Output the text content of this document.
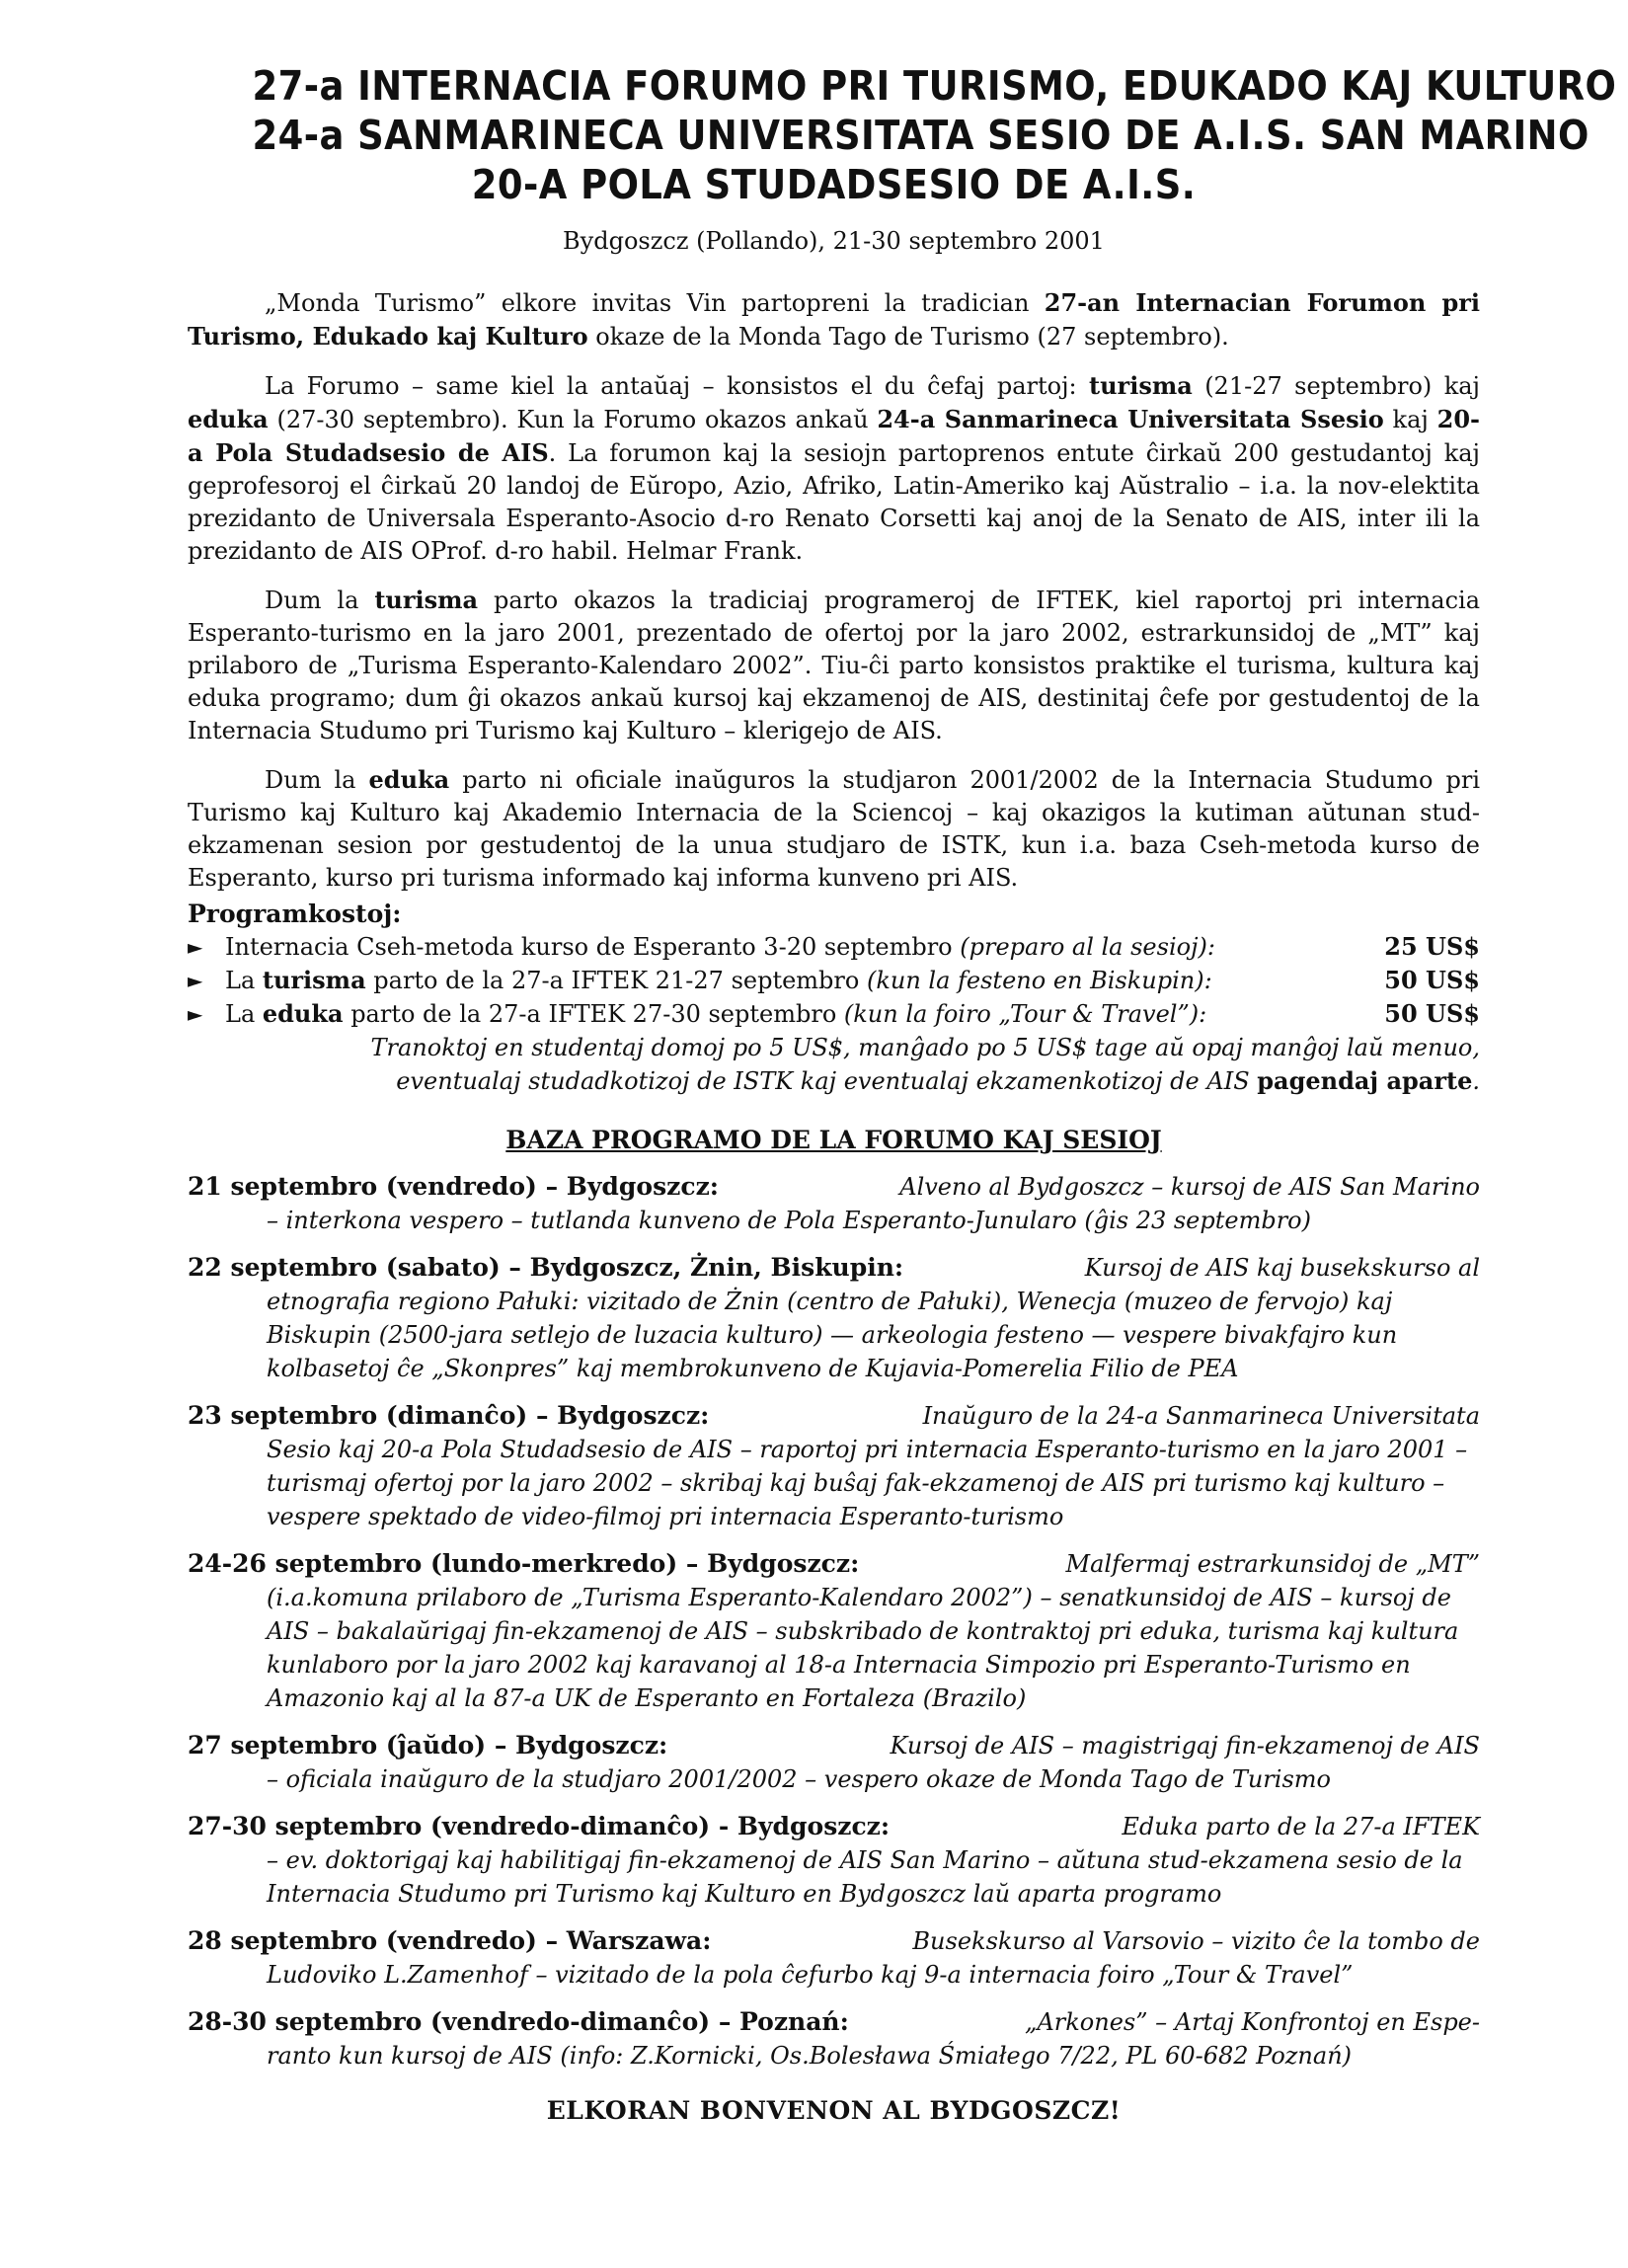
27-a INTERNACIA FORUMO PRI TURISMO, EDUKADO KAJ KULTURO
24-a SANMARINECA UNIVERSITATA SESIO DE A.I.S. SAN MARINO
20-A POLA STUDADSESIO DE A.I.S.
Bydgoszcz (Pollando), 21-30 septembro 2001

„Monda Turismo” elkore invitas Vin partopreni la tradician 27-an Internacian Forumon pri Turismo, Edukado kaj Kulturo okaze de la Monda Tago de Turismo (27 septembro).

La Forumo – same kiel la antaŭaj – konsistos el du ĉefaj partoj: turisma (21-27 septembro) kaj eduka (27-30 septembro). Kun la Forumo okazos ankaŭ 24-a Sanmarineca Universitata Ssesio kaj 20-a Pola Studadsesio de AIS. La forumon kaj la sesiojn partoprenos entute ĉirkaŭ 200 gestudantoj kaj geprofesoroj el ĉirkaŭ 20 landoj de Eŭropo, Azio, Afriko, Latin-Ameriko kaj Aŭstralio – i.a. la nov-elektita prezidanto de Universala Esperanto-Asocio d-ro Renato Corsetti kaj anoj de la Senato de AIS, inter ili la prezidanto de AIS OProf. d-ro habil. Helmar Frank.

Dum la turisma parto okazos la tradiciaj programeroj de IFTEK, kiel raportoj pri internacia Esperanto-turismo en la jaro 2001, prezentado de ofertoj por la jaro 2002, estrarkunsidoj de „MT” kaj prilaboro de „Turisma Esperanto-Kalendaro 2002”. Tiu-ĉi parto konsistos praktike el turisma, kultura kaj eduka programo; dum ĝi okazos ankaŭ kursoj kaj ekzamenoj de AIS, destinitaj ĉefe por gestudentoj de la Internacia Studumo pri Turismo kaj Kulturo – klerigejo de AIS.

Dum la eduka parto ni oficiale inaŭguros la studjaron 2001/2002 de la Internacia Studumo pri Turismo kaj Kulturo kaj Akademio Internacia de la Sciencoj – kaj okazigos la kutiman aŭtunan stud-ekzamenan sesion por gestudentoj de la unua studjaro de ISTK, kun i.a. baza Cseh-metoda kurso de Esperanto, kurso pri turisma informado kaj informa kunveno pri AIS.

Programkostoj:
► Internacia Cseh-metoda kurso de Esperanto 3-20 septembro (preparo al la sesioj):	25 US$
► La turisma parto de la 27-a IFTEK 21-27 septembro (kun la festeno en Biskupin):	50 US$
► La eduka parto de la 27-a IFTEK 27-30 septembro (kun la foiro „Tour & Travel”):	50 US$
Tranoktoj en studentaj domoj po 5 US$, manĝado po 5 US$ tage aŭ opaj manĝoj laŭ menuo, eventualaj studadkotizoj de ISTK kaj eventualaj ekzamenkotizoj de AIS pagendaj aparte.
BAZA PROGRAMO DE LA FORUMO KAJ SESIOJ
21 septembro (vendredo) – Bydgoszcz:	Alveno al Bydgoszcz – kursoj de AIS San Marino
– interkona vespero – tutlanda kunveno de Pola Esperanto-Junularo (ĝis 23 septembro)
22 septembro (sabato) – Bydgoszcz, Żnin, Biskupin:	Kursoj de AIS kaj busekskurso al
etnografia regiono Pałuki: vizitado de Żnin (centro de Pałuki), Wenecja (muzeo de fervojo) kaj Biskupin (2500-jara setlejo de luzacia kulturo) — arkeologia festeno — vespere bivakfajro kun kolbasetoj ĉe „Skonpres” kaj membrokunveno de Kujavia-Pomerelia Filio de PEA
23 septembro (dimanĉo) – Bydgoszcz:	Inaŭguro de la 24-a Sanmarineca Universitata
Sesio kaj 20-a Pola Studadsesio de AIS – raportoj pri internacia Esperanto-turismo en la jaro 2001 – turismaj ofertoj por la jaro 2002 – skribaj kaj buŝaj fak-ekzamenoj de AIS pri turismo kaj kulturo – vespere spektado de video-filmoj pri internacia Esperanto-turismo
24-26 septembro (lundo-merkredo) – Bydgoszcz:	Malfermaj estrarkunsidoj de „MT”
(i.a.komuna prilaboro de „Turisma Esperanto-Kalendaro 2002”) – senatkunsidoj de AIS – kursoj de AIS – bakalaŭrigaj fin-ekzamenoj de AIS – subskribado de kontraktoj pri eduka, turisma kaj kultura kunlaboro por la jaro 2002 kaj karavanoj al 18-a Internacia Simpozio pri Esperanto-Turismo en Amazonio kaj al la 87-a UK de Esperanto en Fortaleza (Brazilo)
27 septembro (ĵaŭdo) – Bydgoszcz:	Kursoj de AIS – magistrigaj fin-ekzamenoj de AIS
– oficiala inaŭguro de la studjaro 2001/2002 – vespero okaze de Monda Tago de Turismo
27-30 septembro (vendredo-dimanĉo) - Bydgoszcz:	Eduka parto de la 27-a IFTEK
– ev. doktorigaj kaj habilitigaj fin-ekzamenoj de AIS San Marino – aŭtuna stud-ekzamena sesio de la Internacia Studumo pri Turismo kaj Kulturo en Bydgoszcz laŭ aparta programo
28 septembro (vendredo) – Warszawa:	Busekskurso al Varsovio – vizito ĉe la tombo de
Ludoviko L.Zamenhof – vizitado de la pola ĉefurbo kaj 9-a internacia foiro „Tour & Travel”
28-30 septembro (vendredo-dimanĉo) – Poznań:	„Arkones” – Artaj Konfrontoj en Espe-
ranto kun kursoj de AIS (info: Z.Kornicki, Os.Bolesława Śmiałego 7/22, PL 60-682 Poznań)
ELKORAN BONVENON AL BYDGOSZCZ!
